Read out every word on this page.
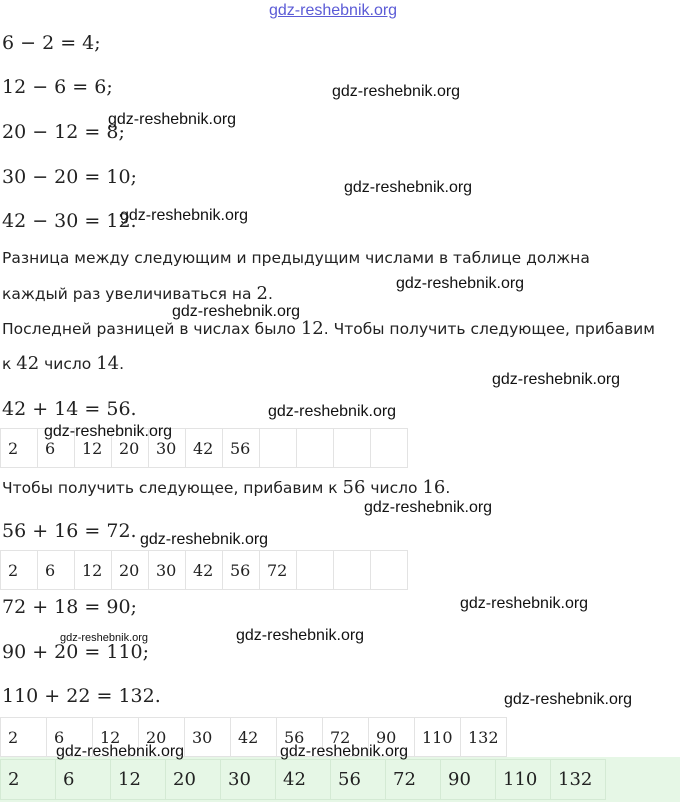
gdz-reshebnik.org
6 − 2 = 4;
12 − 6 = 6;
20 − 12 = 8;
30 − 20 = 10;
42 − 30 = 12.
Разница между следующим и предыдущим числами в таблице должна
каждый раз увеличиваться на 2.
Последней разницей в числах было 12. Чтобы получить следующее, прибавим
к 42 число 14.
42 + 14 = 56.
2	6	12	20	30	42	56				
Чтобы получить следующее, прибавим к 56 число 16.
56 + 16 = 72.
2	6	12	20	30	42	56	72			
72 + 18 = 90;
90 + 20 = 110;
110 + 22 = 132.
2	6	12	20	30	42	56	72	90	110	132
2	6	12	20	30	42	56	72	90	110	132
gdz-reshebnik.org
gdz-reshebnik.org
gdz-reshebnik.org
gdz-reshebnik.org
gdz-reshebnik.org
gdz-reshebnik.org
gdz-reshebnik.org
gdz-reshebnik.org
gdz-reshebnik.org
gdz-reshebnik.org
gdz-reshebnik.org
gdz-reshebnik.org
gdz-reshebnik.org	gdz-reshebnik.org
gdz-reshebnik.org
gdz-reshebnik.org	gdz-reshebnik.org
